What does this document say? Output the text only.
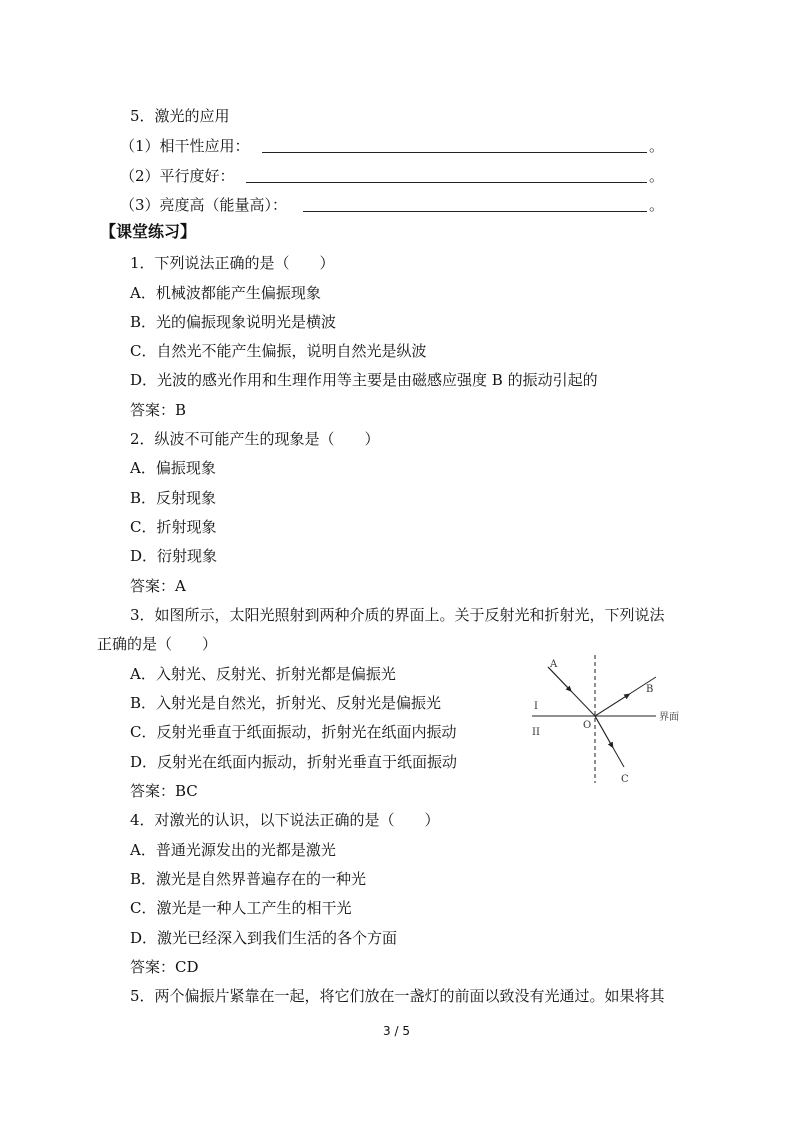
5．激光的应用
（1）相干性应用：	。
（2）平行度好：	。
（3）亮度高（能量高）：	。
【课堂练习】
1．下列说法正确的是（　　）
A．机械波都能产生偏振现象
B．光的偏振现象说明光是横波
C．自然光不能产生偏振，说明自然光是纵波
D．光波的感光作用和生理作用等主要是由磁感应强度 B 的振动引起的
答案：B
2．纵波不可能产生的现象是（　　）
A．偏振现象
B．反射现象
C．折射现象
D．衍射现象
答案：A
3．如图所示，太阳光照射到两种介质的界面上。关于反射光和折射光，下列说法
正确的是（　　）
A．入射光、反射光、折射光都是偏振光
B．入射光是自然光，折射光、反射光是偏振光
C．反射光垂直于纸面振动，折射光在纸面内振动
D．反射光在纸面内振动，折射光垂直于纸面振动
答案：BC
A
B
C
O
I
II
界面
4．对激光的认识，以下说法正确的是（　　）
A．普通光源发出的光都是激光
B．激光是自然界普遍存在的一种光
C．激光是一种人工产生的相干光
D．激光已经深入到我们生活的各个方面
答案：CD
5．两个偏振片紧靠在一起，将它们放在一盏灯的前面以致没有光通过。如果将其
3 / 5
